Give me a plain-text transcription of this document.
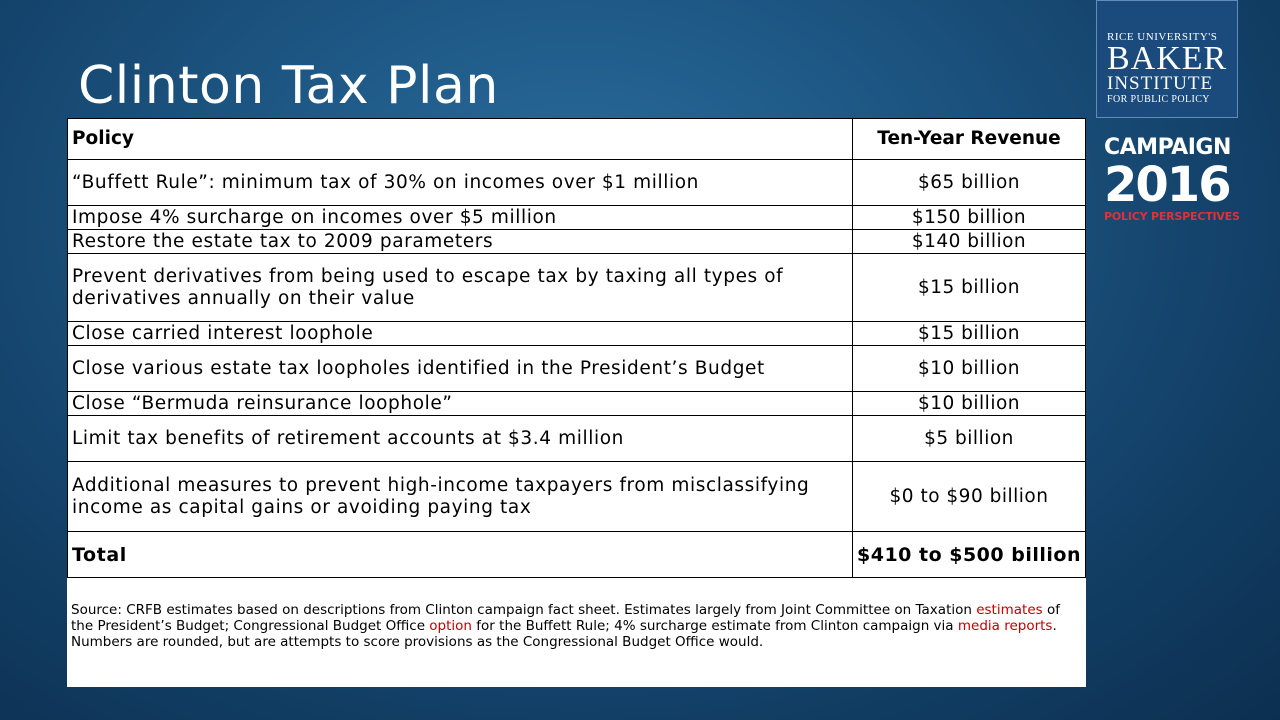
Clinton Tax Plan
RICE UNIVERSITY'S
BAKER
INSTITUTE
FOR PUBLIC POLICY
CAMPAIGN
2016
POLICY PERSPECTIVES
Policy	Ten-Year Revenue
“Buffett Rule”: minimum tax of 30% on incomes over $1 million	$65 billion
Impose 4% surcharge on incomes over $5 million	$150 billion
Restore the estate tax to 2009 parameters	$140 billion
Prevent derivatives from being used to escape tax by taxing all types of derivatives annually on their value	$15 billion
Close carried interest loophole	$15 billion
Close various estate tax loopholes identified in the President’s Budget	$10 billion
Close “Bermuda reinsurance loophole”	$10 billion
Limit tax benefits of retirement accounts at $3.4 million	$5 billion
Additional measures to prevent high-income taxpayers from misclassifying income as capital gains or avoiding paying tax	$0 to $90 billion
Total	$410 to $500 billion
Source: CRFB estimates based on descriptions from Clinton campaign fact sheet. Estimates largely from Joint Committee on Taxation estimates of the President’s Budget; Congressional Budget Office option for the Buffett Rule; 4% surcharge estimate from Clinton campaign via media reports. Numbers are rounded, but are attempts to score provisions as the Congressional Budget Office would.
